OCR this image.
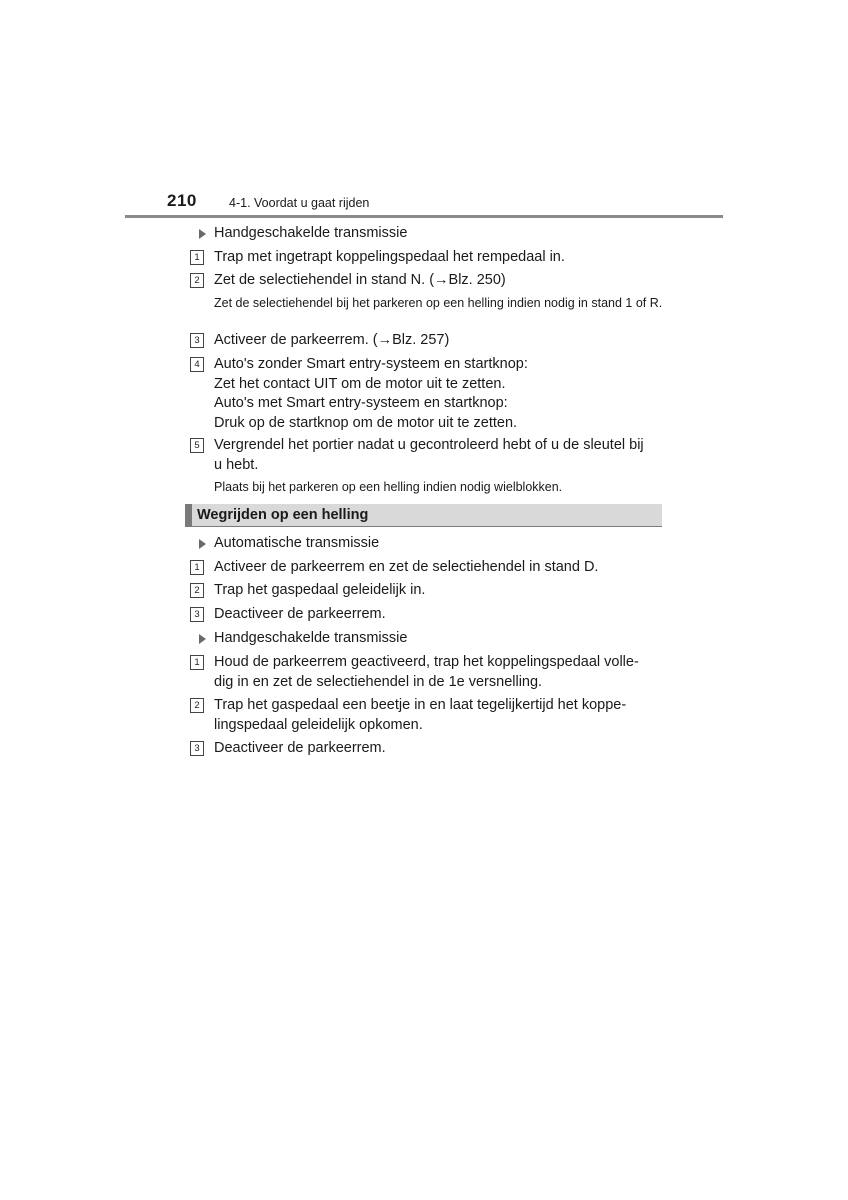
210	4-1. Voordat u gaat rijden
Handgeschakelde transmissie
1 Trap met ingetrapt koppelingspedaal het rempedaal in.
2 Zet de selectiehendel in stand N. (→Blz. 250)
Zet de selectiehendel bij het parkeren op een helling indien nodig in stand 1 of R.
3 Activeer de parkeerrem. (→Blz. 257)
4 Auto's zonder Smart entry-systeem en startknop:
Zet het contact UIT om de motor uit te zetten.
Auto's met Smart entry-systeem en startknop:
Druk op de startknop om de motor uit te zetten.
5 Vergrendel het portier nadat u gecontroleerd hebt of u de sleutel bij
u hebt.
Plaats bij het parkeren op een helling indien nodig wielblokken.
Wegrijden op een helling
Automatische transmissie
1 Activeer de parkeerrem en zet de selectiehendel in stand D.
2 Trap het gaspedaal geleidelijk in.
3 Deactiveer de parkeerrem.
Handgeschakelde transmissie
1 Houd de parkeerrem geactiveerd, trap het koppelingspedaal volle-
dig in en zet de selectiehendel in de 1e versnelling.
2 Trap het gaspedaal een beetje in en laat tegelijkertijd het koppe-
lingspedaal geleidelijk opkomen.
3 Deactiveer de parkeerrem.
